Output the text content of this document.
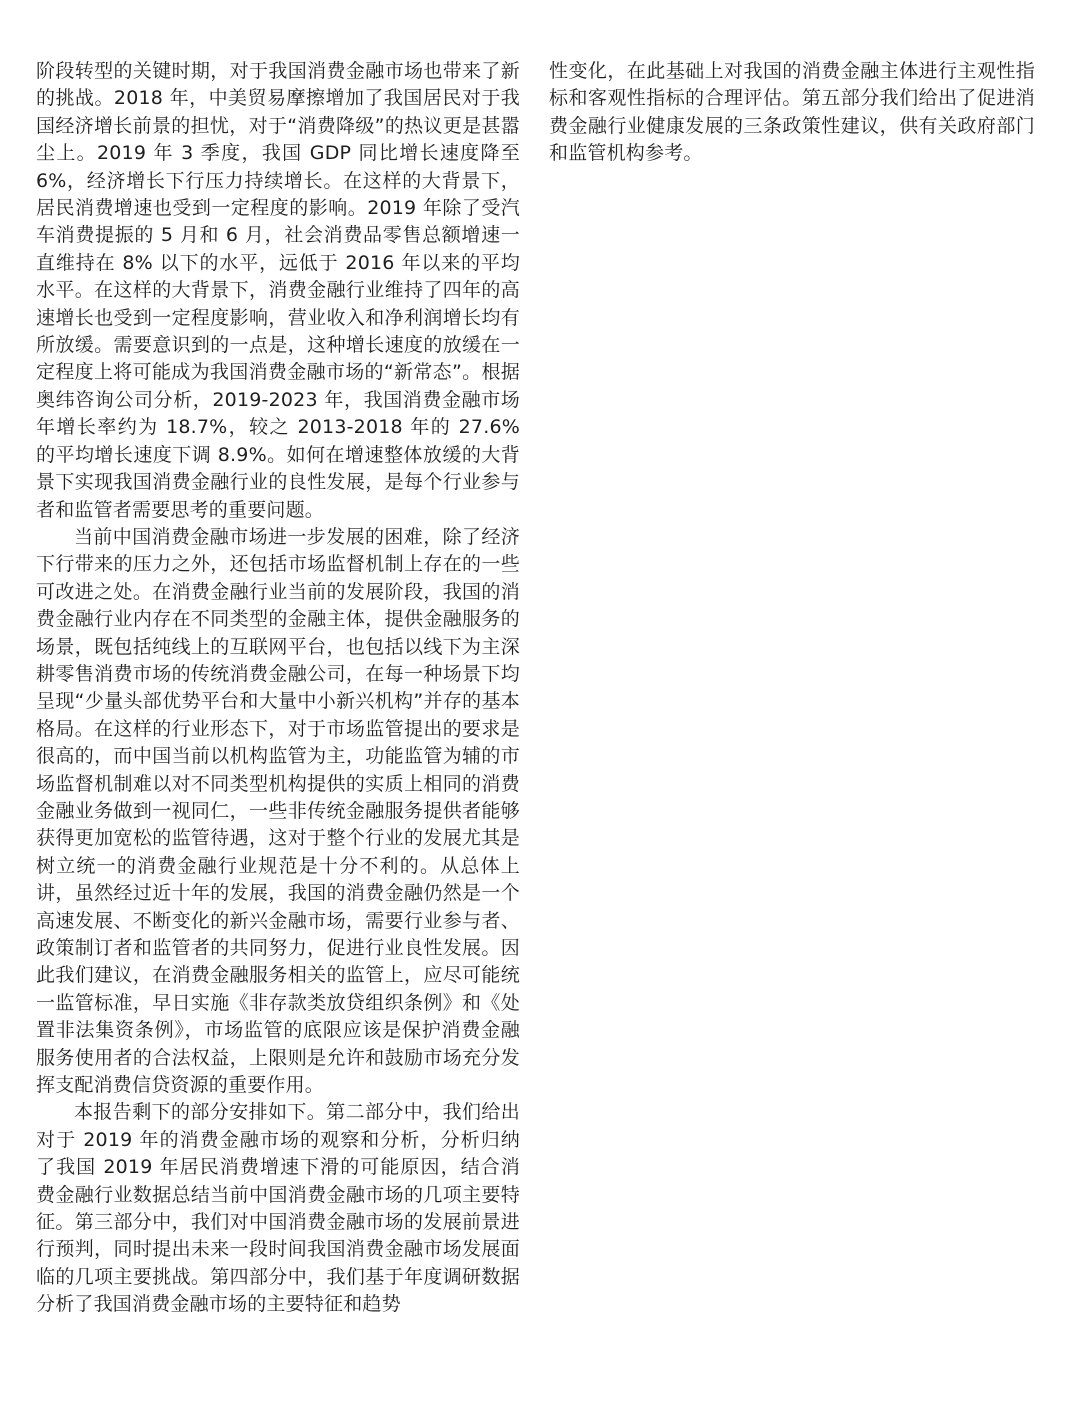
阶段转型的关键时期，对于我国消费金融市场也带来了新的挑战。2018 年，中美贸易摩擦增加了我国居民对于我国经济增长前景的担忧，对于“消费降级”的热议更是甚嚣尘上。2019 年 3 季度，我国 GDP 同比增长速度降至 6%，经济增长下行压力持续增长。在这样的大背景下，居民消费增速也受到一定程度的影响。2019 年除了受汽车消费提振的 5 月和 6 月，社会消费品零售总额增速一直维持在 8% 以下的水平，远低于 2016 年以来的平均水平。在这样的大背景下，消费金融行业维持了四年的高速增长也受到一定程度影响，营业收入和净利润增长均有所放缓。需要意识到的一点是，这种增长速度的放缓在一定程度上将可能成为我国消费金融市场的“新常态”。根据奥纬咨询公司分析，2019-2023 年，我国消费金融市场年增长率约为 18.7%，较之 2013-2018 年的 27.6% 的平均增长速度下调 8.9%。如何在增速整体放缓的大背景下实现我国消费金融行业的良性发展，是每个行业参与者和监管者需要思考的重要问题。

当前中国消费金融市场进一步发展的困难，除了经济下行带来的压力之外，还包括市场监督机制上存在的一些可改进之处。在消费金融行业当前的发展阶段，我国的消费金融行业内存在不同类型的金融主体，提供金融服务的场景，既包括纯线上的互联网平台，也包括以线下为主深耕零售消费市场的传统消费金融公司，在每一种场景下均呈现“少量头部优势平台和大量中小新兴机构”并存的基本格局。在这样的行业形态下，对于市场监管提出的要求是很高的，而中国当前以机构监管为主，功能监管为辅的市场监督机制难以对不同类型机构提供的实质上相同的消费金融业务做到一视同仁，一些非传统金融服务提供者能够获得更加宽松的监管待遇，这对于整个行业的发展尤其是树立统一的消费金融行业规范是十分不利的。从总体上讲，虽然经过近十年的发展，我国的消费金融仍然是一个高速发展、不断变化的新兴金融市场，需要行业参与者、政策制订者和监管者的共同努力，促进行业良性发展。因此我们建议，在消费金融服务相关的监管上，应尽可能统一监管标准，早日实施《非存款类放贷组织条例》和《处置非法集资条例》，市场监管的底限应该是保护消费金融服务使用者的合法权益，上限则是允许和鼓励市场充分发挥支配消费信贷资源的重要作用。

本报告剩下的部分安排如下。第二部分中，我们给出对于 2019 年的消费金融市场的观察和分析，分析归纳了我国 2019 年居民消费增速下滑的可能原因，结合消费金融行业数据总结当前中国消费金融市场的几项主要特征。第三部分中，我们对中国消费金融市场的发展前景进行预判，同时提出未来一段时间我国消费金融市场发展面临的几项主要挑战。第四部分中，我们基于年度调研数据分析了我国消费金融市场的主要特征和趋势

性变化，在此基础上对我国的消费金融主体进行主观性指标和客观性指标的合理评估。第五部分我们给出了促进消费金融行业健康发展的三条政策性建议，供有关政府部门和监管机构参考。
